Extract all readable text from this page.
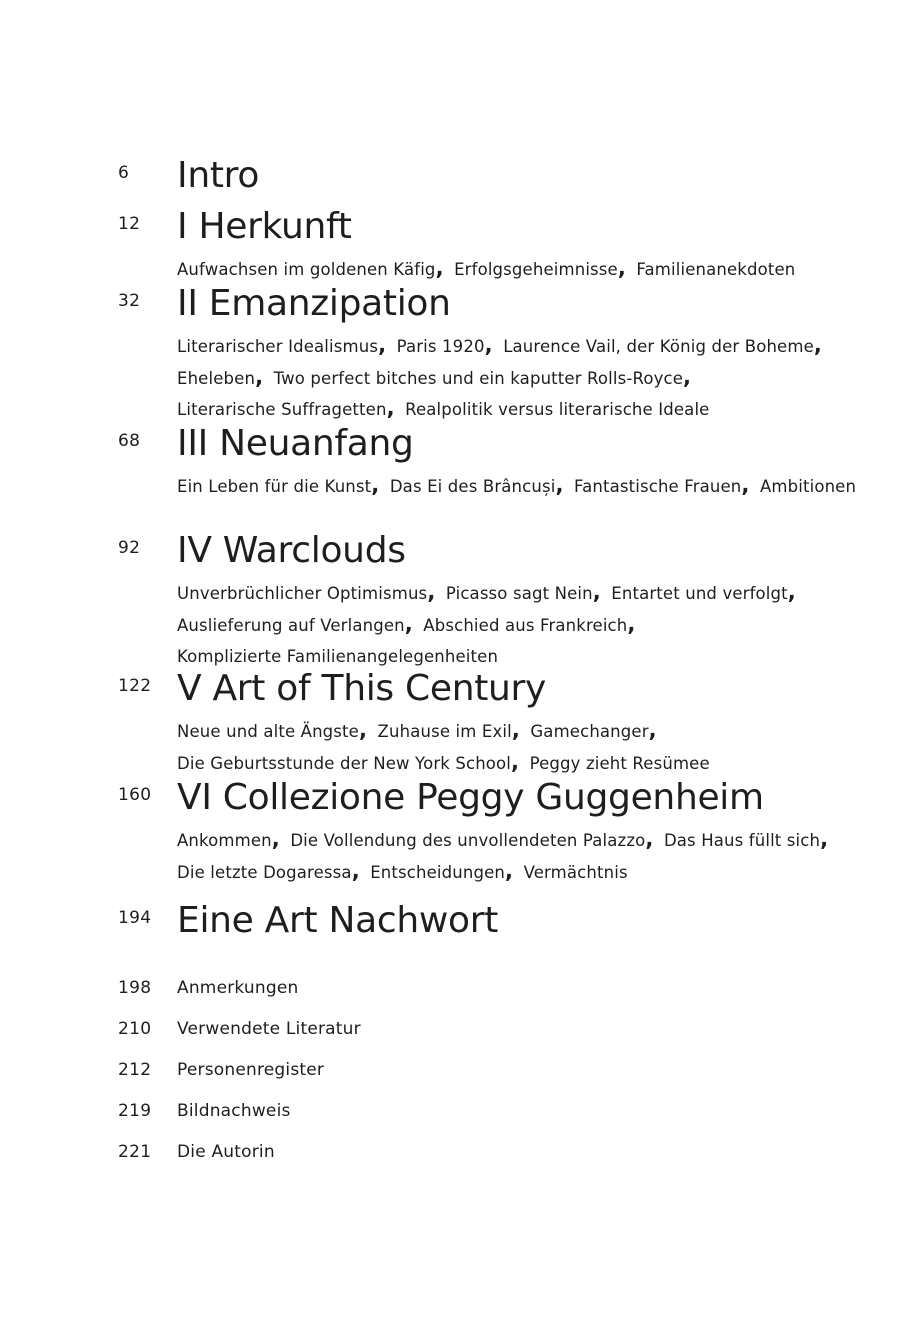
6 Intro
12 I Herkunft
Aufwachsen im goldenen Käfig, Erfolgsgeheimnisse, Familienanekdoten
32 II Emanzipation
Literarischer Idealismus, Paris 1920, Laurence Vail, der König der Boheme, Eheleben, Two perfect bitches und ein kaputter Rolls-Royce, Literarische Suffragetten, Realpolitik versus literarische Ideale
68 III Neuanfang
Ein Leben für die Kunst, Das Ei des Brâncuși, Fantastische Frauen, Ambitionen
92 IV Warclouds
Unverbrüchlicher Optimismus, Picasso sagt Nein, Entartet und verfolgt, Auslieferung auf Verlangen, Abschied aus Frankreich, Komplizierte Familienangelegenheiten
122 V Art of This Century
Neue und alte Ängste, Zuhause im Exil, Gamechanger, Die Geburtsstunde der New York School, Peggy zieht Resümee
160 VI Collezione Peggy Guggenheim
Ankommen, Die Vollendung des unvollendeten Palazzo, Das Haus füllt sich, Die letzte Dogaressa, Entscheidungen, Vermächtnis
194 Eine Art Nachwort
198 Anmerkungen
210 Verwendete Literatur
212 Personenregister
219 Bildnachweis
221 Die Autorin
